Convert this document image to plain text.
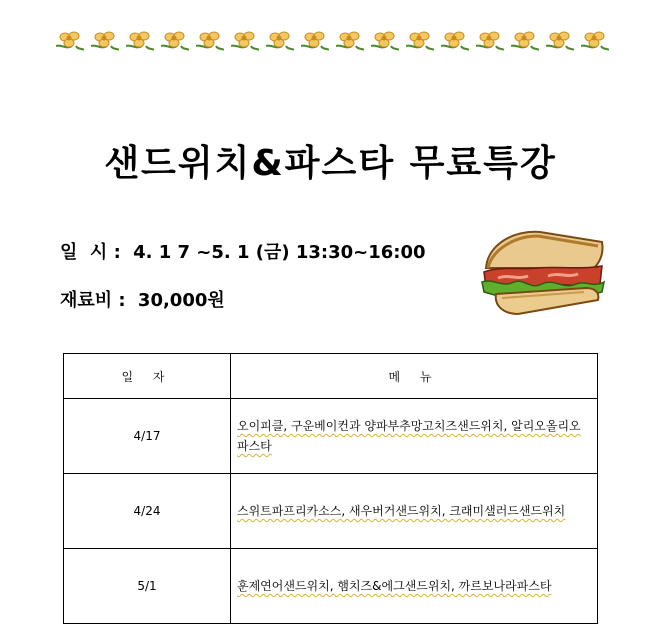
샌드위치&파스타 무료특강
일  시 : 4. 1 7 ~5. 1 (금) 13:30~16:00
재료비 : 30,000원
일 자	메 뉴
4/17	오이피클, 구운베이컨과 양파부추망고치즈샌드위치, 알리오올리오파스타
4/24	스위트파프리카소스, 새우버거샌드위치, 크래미샐러드샌드위치
5/1	훈제연어샌드위치, 햄치즈&에그샌드위치, 까르보나라파스타
